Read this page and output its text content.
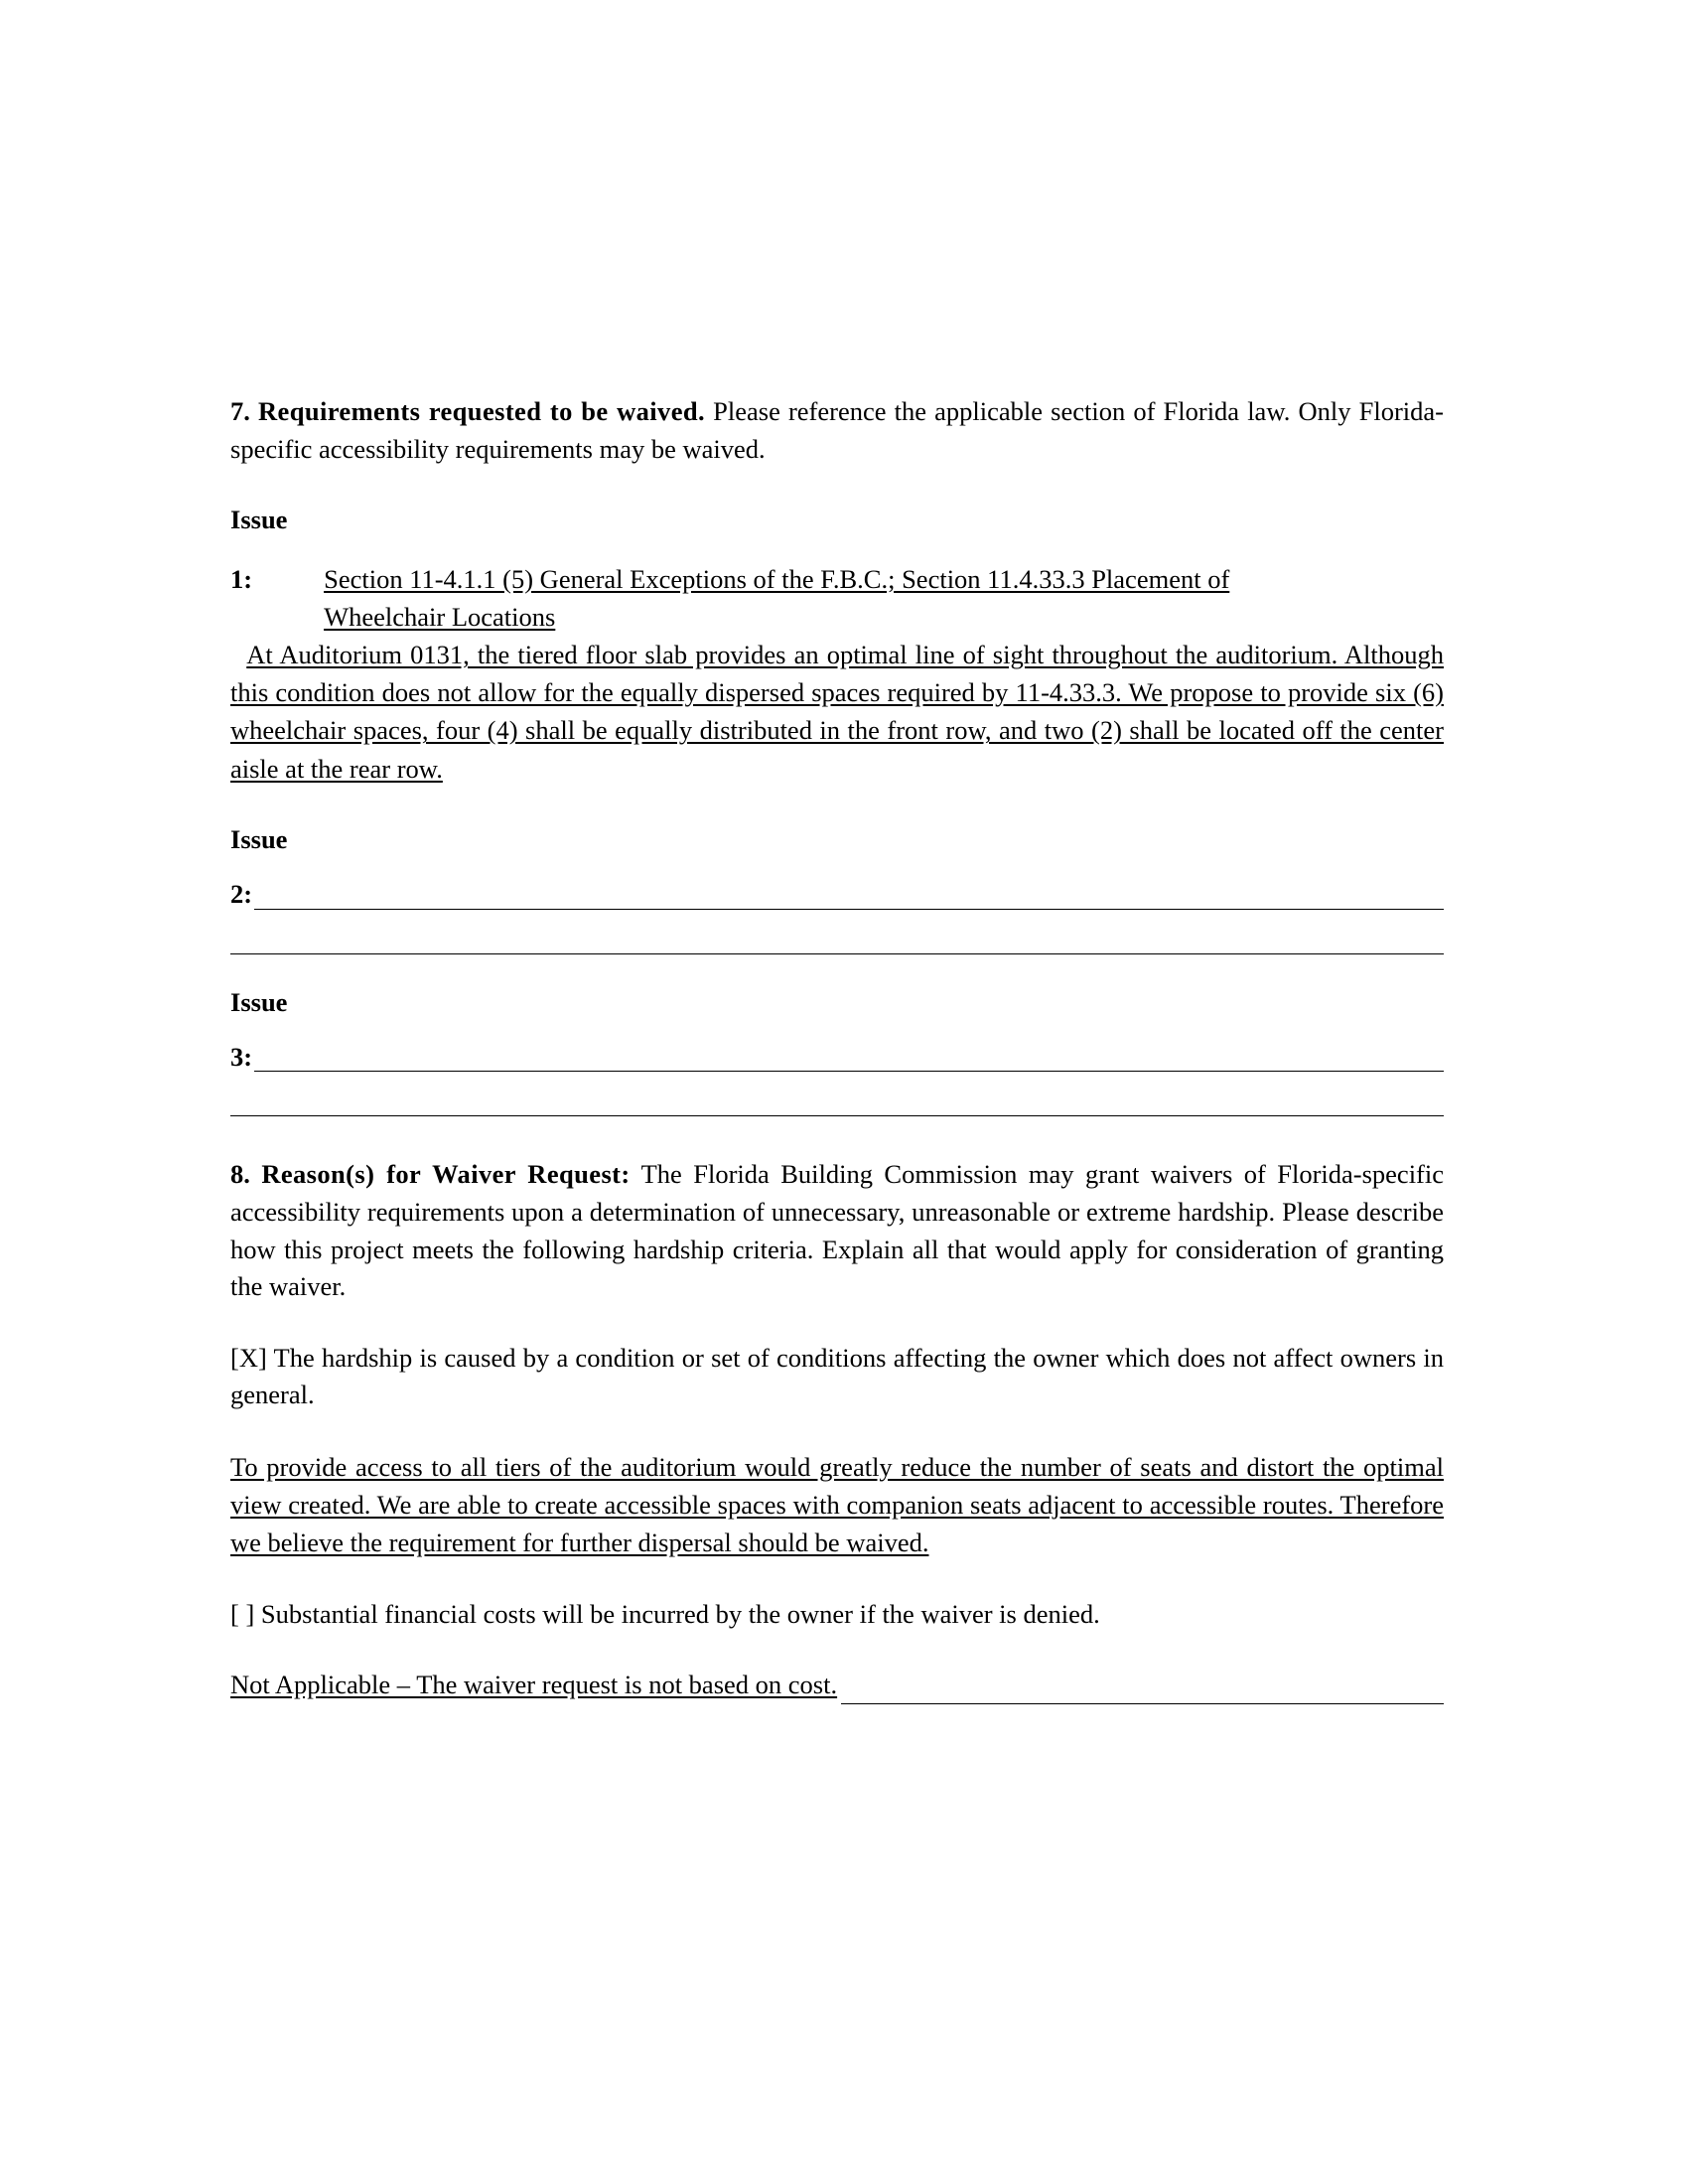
7. Requirements requested to be waived. Please reference the applicable section of Florida law. Only Florida-specific accessibility requirements may be waived.

Issue
1:	Section 11-4.1.1 (5) General Exceptions of the F.B.C.; Section 11.4.33.3 Placement of
Wheelchair Locations

At Auditorium 0131, the tiered floor slab provides an optimal line of sight throughout the auditorium. Although this condition does not allow for the equally dispersed spaces required by 11-4.33.3. We propose to provide six (6) wheelchair spaces, four (4) shall be equally distributed in the front row, and two (2) shall be located off the center aisle at the rear row.

Issue
2:
Issue
3:

8. Reason(s) for Waiver Request: The Florida Building Commission may grant waivers of Florida-specific accessibility requirements upon a determination of unnecessary, unreasonable or extreme hardship. Please describe how this project meets the following hardship criteria. Explain all that would apply for consideration of granting the waiver.

[X] The hardship is caused by a condition or set of conditions affecting the owner which does not affect owners in general.

To provide access to all tiers of the auditorium would greatly reduce the number of seats and distort the optimal view created. We are able to create accessible spaces with companion seats adjacent to accessible routes. Therefore we believe the requirement for further dispersal should be waived.

[ ] Substantial financial costs will be incurred by the owner if the waiver is denied.

Not Applicable – The waiver request is not based on cost.
